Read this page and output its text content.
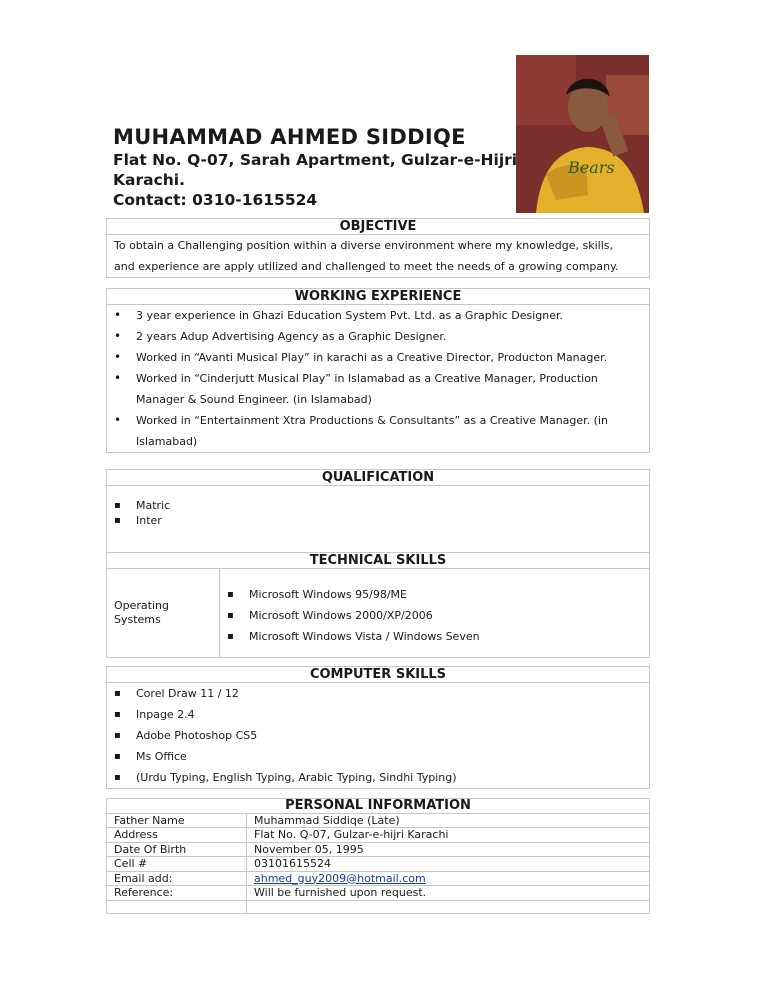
Bears
MUHAMMAD AHMED SIDDIQE
Flat No. Q-07, Sarah Apartment, Gulzar-e-Hijri
Karachi.
Contact: 0310-1615524
OBJECTIVE

To obtain a Challenging position within a diverse environment where my knowledge, skills,
and experience are apply utilized and challenged to meet the needs of a growing company.
WORKING EXPERIENCE

• 3 year experience in Ghazi Education System Pvt. Ltd. as a Graphic Designer.
• 2 years Adup Advertising Agency as a Graphic Designer.
• Worked in “Avanti Musical Play” in karachi as a Creative Director, Producton Manager.
• Worked in “Cinderjutt Musical Play” in Islamabad as a Creative Manager, Production Manager & Sound Engineer. (in Islamabad)
• Worked in “Entertainment Xtra Productions & Consultants” as a Creative Manager. (in Islamabad)
QUALIFICATION

▪ Matric
▪ Inter

TECHNICAL SKILLS
Operating Systems	
▪ Microsoft Windows 95/98/ME
▪ Microsoft Windows 2000/XP/2006
▪ Microsoft Windows Vista / Windows Seven
COMPUTER SKILLS

▪ Corel Draw 11 / 12
▪ Inpage 2.4
▪ Adobe Photoshop CS5
▪ Ms Office
▪ (Urdu Typing, English Typing, Arabic Typing, Sindhi Typing)
PERSONAL INFORMATION	
Father Name	Muhammad Siddiqe (Late)
Address	Flat No. Q-07, Gulzar-e-hijri Karachi
Date Of Birth	November 05, 1995
Cell #	03101615524
Email add:	ahmed_guy2009@hotmail.com
Reference:	Will be furnished upon request.
